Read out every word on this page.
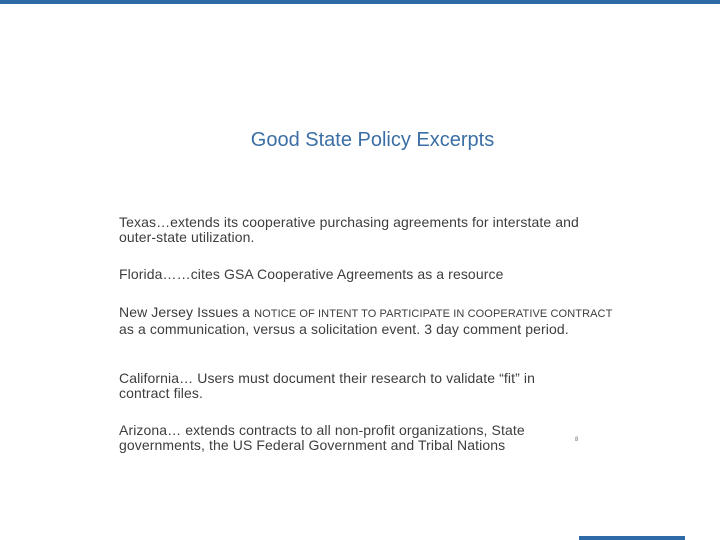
Good State Policy Excerpts
Texas…extends its cooperative purchasing agreements for interstate and outer-state utilization.
Florida……cites GSA Cooperative Agreements as a resource
New Jersey Issues a NOTICE OF INTENT TO PARTICIPATE IN COOPERATIVE CONTRACT as a communication, versus a solicitation event. 3 day comment period.
California… Users must document their research to validate “fit” in contract files.
Arizona… extends contracts to all non-profit organizations, State governments, the US Federal Government and Tribal Nations	8
